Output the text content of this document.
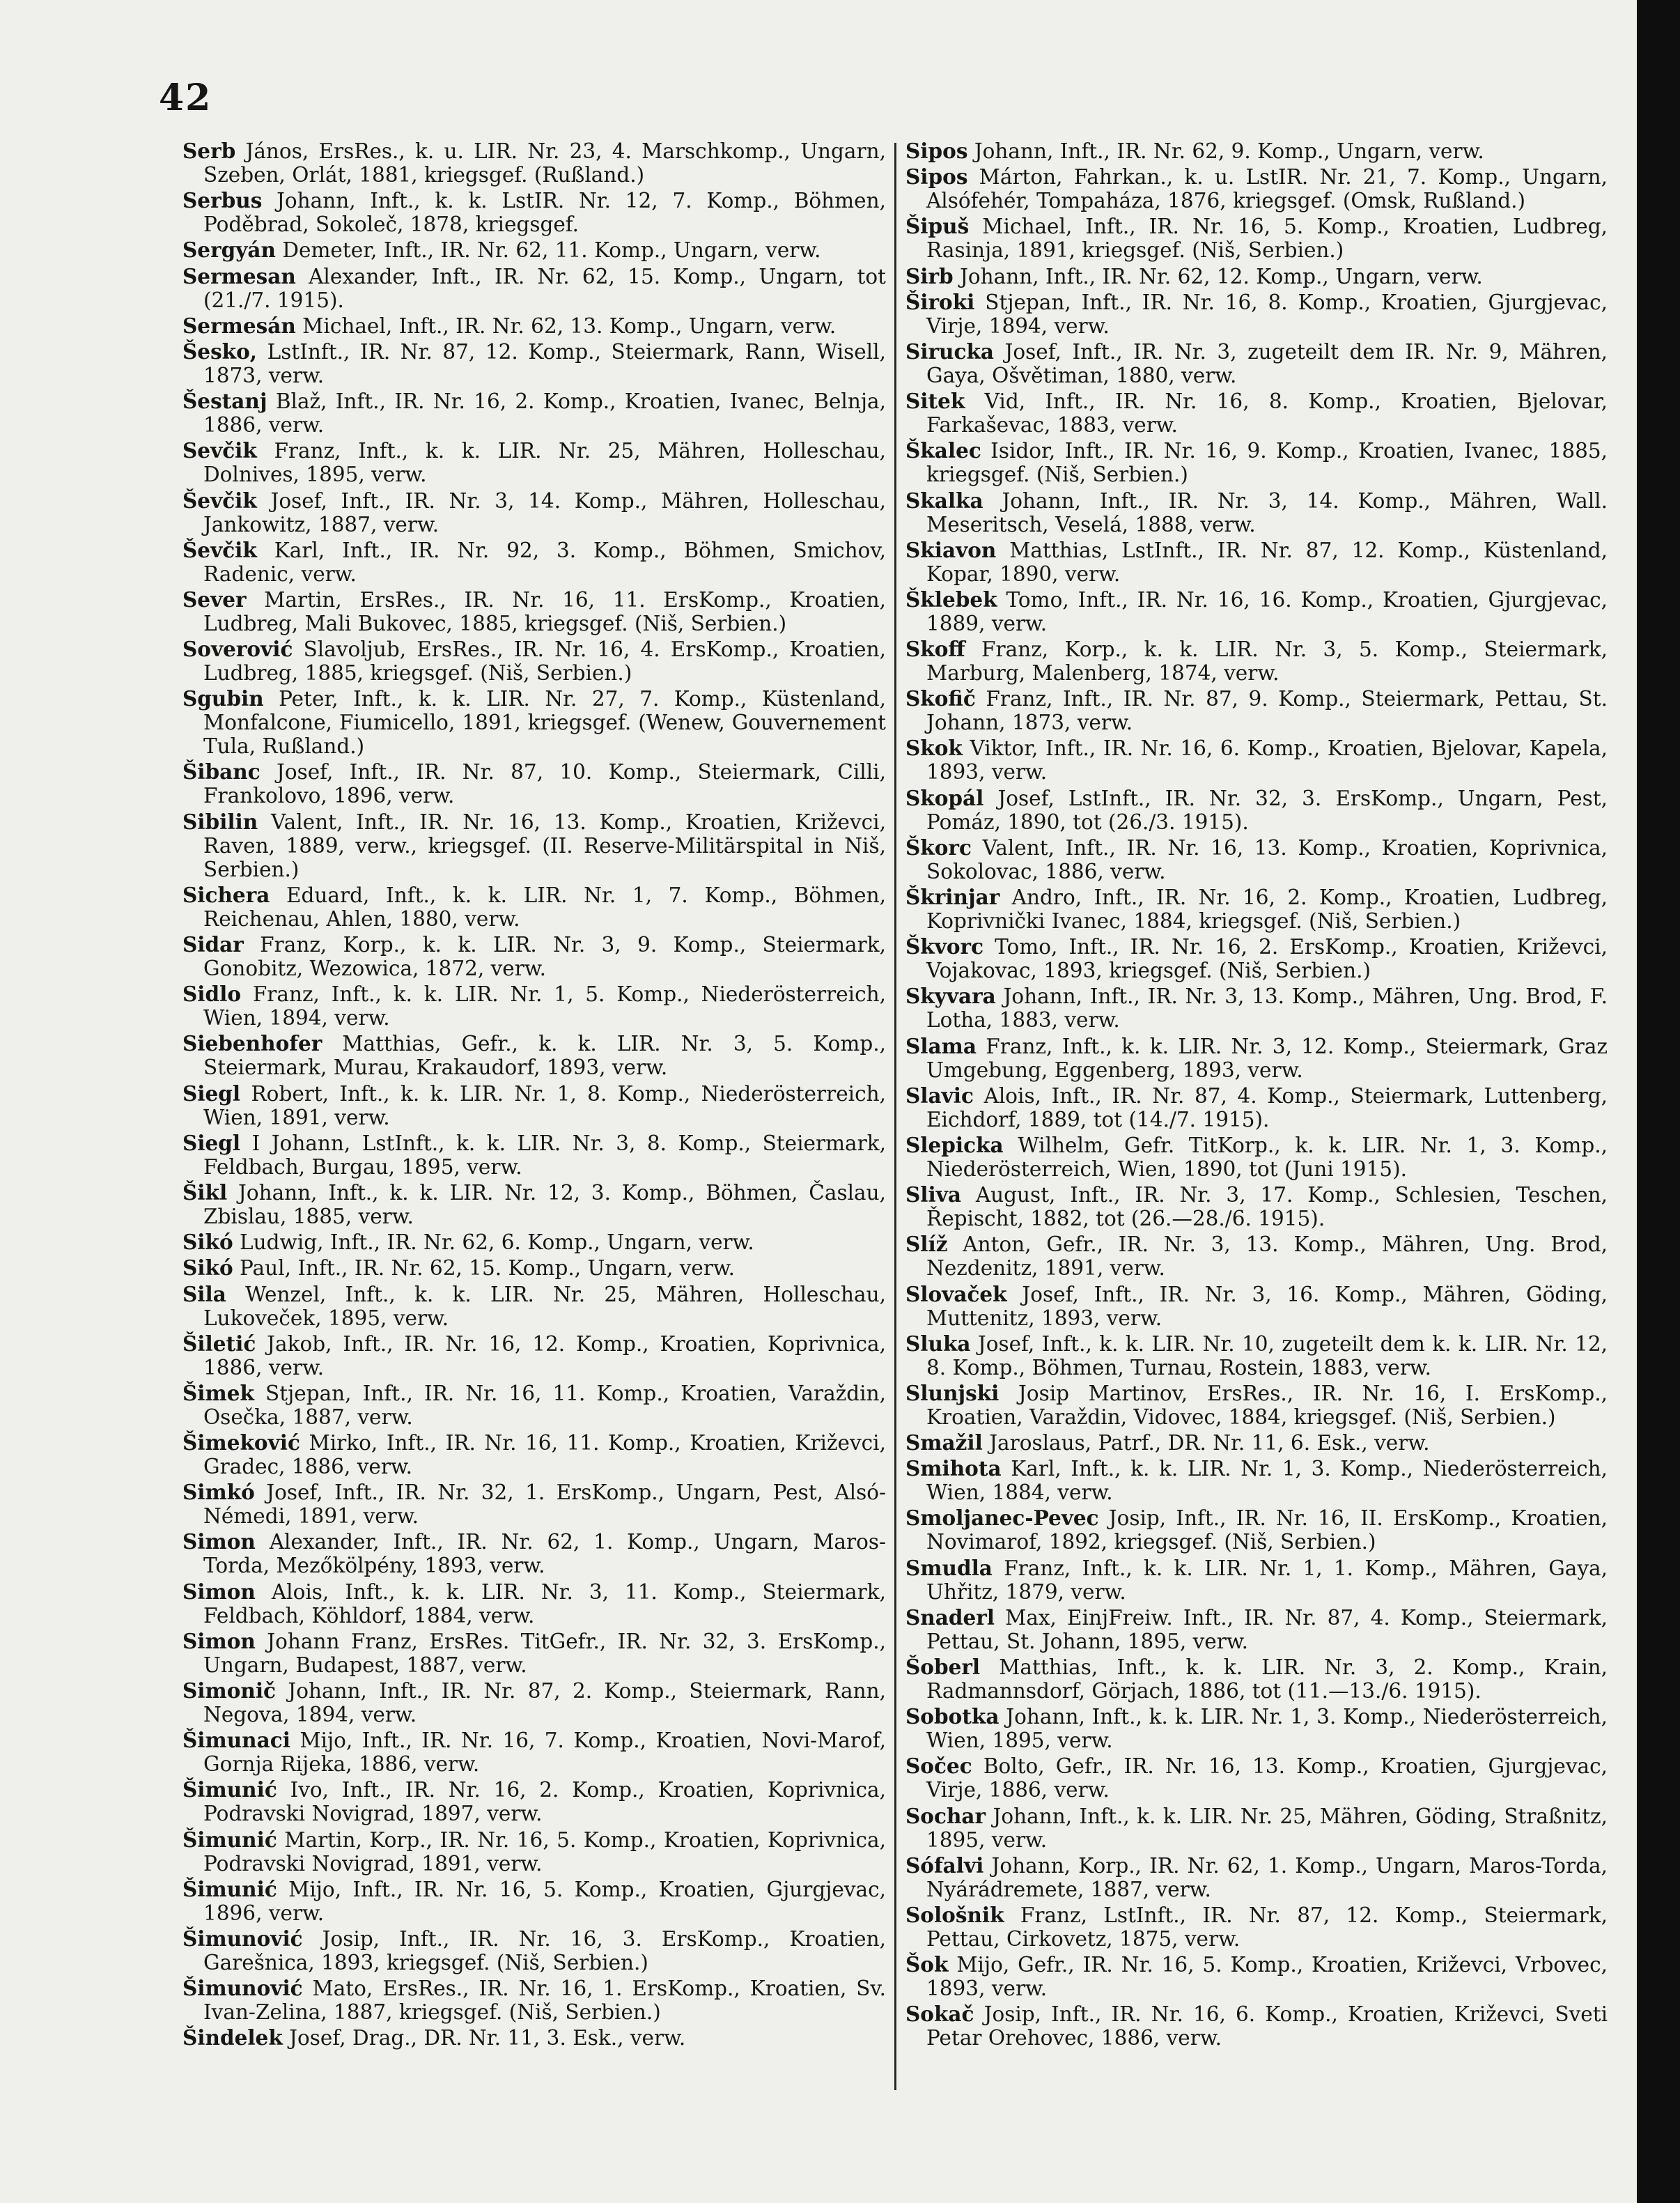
42

Serb János, ErsRes., k. u. LIR. Nr. 23, 4. Marschkomp., Ungarn, Szeben, Orlát, 1881, kriegsgef. (Rußland.)

Serbus Johann, Inft., k. k. LstIR. Nr. 12, 7. Komp., Böhmen, Poděbrad, Sokoleč, 1878, kriegsgef.

Sergyán Demeter, Inft., IR. Nr. 62, 11. Komp., Ungarn, verw.

Sermesan Alexander, Inft., IR. Nr. 62, 15. Komp., Ungarn, tot (21./7. 1915).

Sermesán Michael, Inft., IR. Nr. 62, 13. Komp., Ungarn, verw.

Šesko, LstInft., IR. Nr. 87, 12. Komp., Steiermark, Rann, Wisell, 1873, verw.

Šestanj Blaž, Inft., IR. Nr. 16, 2. Komp., Kroatien, Ivanec, Belnja, 1886, verw.

Sevčik Franz, Inft., k. k. LIR. Nr. 25, Mähren, Holleschau, Dolnives, 1895, verw.

Ševčik Josef, Inft., IR. Nr. 3, 14. Komp., Mähren, Holleschau, Jankowitz, 1887, verw.

Ševčik Karl, Inft., IR. Nr. 92, 3. Komp., Böhmen, Smichov, Radenic, verw.

Sever Martin, ErsRes., IR. Nr. 16, 11. ErsKomp., Kroatien, Ludbreg, Mali Bukovec, 1885, kriegsgef. (Niš, Serbien.)

Soverović Slavoljub, ErsRes., IR. Nr. 16, 4. ErsKomp., Kroatien, Ludbreg, 1885, kriegsgef. (Niš, Serbien.)

Sgubin Peter, Inft., k. k. LIR. Nr. 27, 7. Komp., Küstenland, Monfalcone, Fiumicello, 1891, kriegsgef. (Wenew, Gouvernement Tula, Rußland.)

Šibanc Josef, Inft., IR. Nr. 87, 10. Komp., Steiermark, Cilli, Frankolovo, 1896, verw.

Sibilin Valent, Inft., IR. Nr. 16, 13. Komp., Kroatien, Križevci, Raven, 1889, verw., kriegsgef. (II. Reserve-Militärspital in Niš, Serbien.)

Sichera Eduard, Inft., k. k. LIR. Nr. 1, 7. Komp., Böhmen, Reichenau, Ahlen, 1880, verw.

Sidar Franz, Korp., k. k. LIR. Nr. 3, 9. Komp., Steiermark, Gonobitz, Wezowica, 1872, verw.

Sidlo Franz, Inft., k. k. LIR. Nr. 1, 5. Komp., Niederösterreich, Wien, 1894, verw.

Siebenhofer Matthias, Gefr., k. k. LIR. Nr. 3, 5. Komp., Steiermark, Murau, Krakaudorf, 1893, verw.

Siegl Robert, Inft., k. k. LIR. Nr. 1, 8. Komp., Niederösterreich, Wien, 1891, verw.

Siegl I Johann, LstInft., k. k. LIR. Nr. 3, 8. Komp., Steiermark, Feldbach, Burgau, 1895, verw.

Šikl Johann, Inft., k. k. LIR. Nr. 12, 3. Komp., Böhmen, Časlau, Zbislau, 1885, verw.

Sikó Ludwig, Inft., IR. Nr. 62, 6. Komp., Ungarn, verw.

Sikó Paul, Inft., IR. Nr. 62, 15. Komp., Ungarn, verw.

Sila Wenzel, Inft., k. k. LIR. Nr. 25, Mähren, Holleschau, Lukoveček, 1895, verw.

Šiletić Jakob, Inft., IR. Nr. 16, 12. Komp., Kroatien, Koprivnica, 1886, verw.

Šimek Stjepan, Inft., IR. Nr. 16, 11. Komp., Kroatien, Varaždin, Osečka, 1887, verw.

Šimeković Mirko, Inft., IR. Nr. 16, 11. Komp., Kroatien, Križevci, Gradec, 1886, verw.

Simkó Josef, Inft., IR. Nr. 32, 1. ErsKomp., Ungarn, Pest, Alsó-Némedi, 1891, verw.

Simon Alexander, Inft., IR. Nr. 62, 1. Komp., Ungarn, Maros-Torda, Mezőkölpény, 1893, verw.

Simon Alois, Inft., k. k. LIR. Nr. 3, 11. Komp., Steiermark, Feldbach, Köhldorf, 1884, verw.

Simon Johann Franz, ErsRes. TitGefr., IR. Nr. 32, 3. ErsKomp., Ungarn, Budapest, 1887, verw.

Simonič Johann, Inft., IR. Nr. 87, 2. Komp., Steiermark, Rann, Negova, 1894, verw.

Šimunaci Mijo, Inft., IR. Nr. 16, 7. Komp., Kroatien, Novi-Marof, Gornja Rijeka, 1886, verw.

Šimunić Ivo, Inft., IR. Nr. 16, 2. Komp., Kroatien, Koprivnica, Podravski Novigrad, 1897, verw.

Šimunić Martin, Korp., IR. Nr. 16, 5. Komp., Kroatien, Koprivnica, Podravski Novigrad, 1891, verw.

Šimunić Mijo, Inft., IR. Nr. 16, 5. Komp., Kroatien, Gjurgjevac, 1896, verw.

Šimunović Josip, Inft., IR. Nr. 16, 3. ErsKomp., Kroatien, Garešnica, 1893, kriegsgef. (Niš, Serbien.)

Šimunović Mato, ErsRes., IR. Nr. 16, 1. ErsKomp., Kroatien, Sv. Ivan-Zelina, 1887, kriegsgef. (Niš, Serbien.)

Šindelek Josef, Drag., DR. Nr. 11, 3. Esk., verw.

Sipos Johann, Inft., IR. Nr. 62, 9. Komp., Ungarn, verw.

Sipos Márton, Fahrkan., k. u. LstIR. Nr. 21, 7. Komp., Ungarn, Alsófehér, Tompaháza, 1876, kriegsgef. (Omsk, Rußland.)

Šipuš Michael, Inft., IR. Nr. 16, 5. Komp., Kroatien, Ludbreg, Rasinja, 1891, kriegsgef. (Niš, Serbien.)

Sirb Johann, Inft., IR. Nr. 62, 12. Komp., Ungarn, verw.

Široki Stjepan, Inft., IR. Nr. 16, 8. Komp., Kroatien, Gjurgjevac, Virje, 1894, verw.

Sirucka Josef, Inft., IR. Nr. 3, zugeteilt dem IR. Nr. 9, Mähren, Gaya, Ošvětiman, 1880, verw.

Sitek Vid, Inft., IR. Nr. 16, 8. Komp., Kroatien, Bjelovar, Farkaševac, 1883, verw.

Škalec Isidor, Inft., IR. Nr. 16, 9. Komp., Kroatien, Ivanec, 1885, kriegsgef. (Niš, Serbien.)

Skalka Johann, Inft., IR. Nr. 3, 14. Komp., Mähren, Wall. Meseritsch, Veselá, 1888, verw.

Skiavon Matthias, LstInft., IR. Nr. 87, 12. Komp., Küstenland, Kopar, 1890, verw.

Šklebek Tomo, Inft., IR. Nr. 16, 16. Komp., Kroatien, Gjurgjevac, 1889, verw.

Skoff Franz, Korp., k. k. LIR. Nr. 3, 5. Komp., Steiermark, Marburg, Malenberg, 1874, verw.

Skofič Franz, Inft., IR. Nr. 87, 9. Komp., Steiermark, Pettau, St. Johann, 1873, verw.

Skok Viktor, Inft., IR. Nr. 16, 6. Komp., Kroatien, Bjelovar, Kapela, 1893, verw.

Skopál Josef, LstInft., IR. Nr. 32, 3. ErsKomp., Ungarn, Pest, Pomáz, 1890, tot (26./3. 1915).

Škorc Valent, Inft., IR. Nr. 16, 13. Komp., Kroatien, Koprivnica, Sokolovac, 1886, verw.

Škrinjar Andro, Inft., IR. Nr. 16, 2. Komp., Kroatien, Ludbreg, Koprivnički Ivanec, 1884, kriegsgef. (Niš, Serbien.)

Škvorc Tomo, Inft., IR. Nr. 16, 2. ErsKomp., Kroatien, Križevci, Vojakovac, 1893, kriegsgef. (Niš, Serbien.)

Skyvara Johann, Inft., IR. Nr. 3, 13. Komp., Mähren, Ung. Brod, F. Lotha, 1883, verw.

Slama Franz, Inft., k. k. LIR. Nr. 3, 12. Komp., Steiermark, Graz Umgebung, Eggenberg, 1893, verw.

Slavic Alois, Inft., IR. Nr. 87, 4. Komp., Steiermark, Luttenberg, Eichdorf, 1889, tot (14./7. 1915).

Slepicka Wilhelm, Gefr. TitKorp., k. k. LIR. Nr. 1, 3. Komp., Niederösterreich, Wien, 1890, tot (Juni 1915).

Sliva August, Inft., IR. Nr. 3, 17. Komp., Schlesien, Teschen, Řepischt, 1882, tot (26.—28./6. 1915).

Slíž Anton, Gefr., IR. Nr. 3, 13. Komp., Mähren, Ung. Brod, Nezdenitz, 1891, verw.

Slovaček Josef, Inft., IR. Nr. 3, 16. Komp., Mähren, Göding, Muttenitz, 1893, verw.

Sluka Josef, Inft., k. k. LIR. Nr. 10, zugeteilt dem k. k. LIR. Nr. 12, 8. Komp., Böhmen, Turnau, Rostein, 1883, verw.

Slunjski Josip Martinov, ErsRes., IR. Nr. 16, I. ErsKomp., Kroatien, Varaždin, Vidovec, 1884, kriegsgef. (Niš, Serbien.)

Smažil Jaroslaus, Patrf., DR. Nr. 11, 6. Esk., verw.

Smihota Karl, Inft., k. k. LIR. Nr. 1, 3. Komp., Niederösterreich, Wien, 1884, verw.

Smoljanec-Pevec Josip, Inft., IR. Nr. 16, II. ErsKomp., Kroatien, Novimarof, 1892, kriegsgef. (Niš, Serbien.)

Smudla Franz, Inft., k. k. LIR. Nr. 1, 1. Komp., Mähren, Gaya, Uhřitz, 1879, verw.

Snaderl Max, EinjFreiw. Inft., IR. Nr. 87, 4. Komp., Steiermark, Pettau, St. Johann, 1895, verw.

Šoberl Matthias, Inft., k. k. LIR. Nr. 3, 2. Komp., Krain, Radmannsdorf, Görjach, 1886, tot (11.—13./6. 1915).

Sobotka Johann, Inft., k. k. LIR. Nr. 1, 3. Komp., Niederösterreich, Wien, 1895, verw.

Sočec Bolto, Gefr., IR. Nr. 16, 13. Komp., Kroatien, Gjurgjevac, Virje, 1886, verw.

Sochar Johann, Inft., k. k. LIR. Nr. 25, Mähren, Göding, Straßnitz, 1895, verw.

Sófalvi Johann, Korp., IR. Nr. 62, 1. Komp., Ungarn, Maros-Torda, Nyárádremete, 1887, verw.

Sološnik Franz, LstInft., IR. Nr. 87, 12. Komp., Steiermark, Pettau, Cirkovetz, 1875, verw.

Šok Mijo, Gefr., IR. Nr. 16, 5. Komp., Kroatien, Križevci, Vrbovec, 1893, verw.

Sokač Josip, Inft., IR. Nr. 16, 6. Komp., Kroatien, Križevci, Sveti Petar Orehovec, 1886, verw.
